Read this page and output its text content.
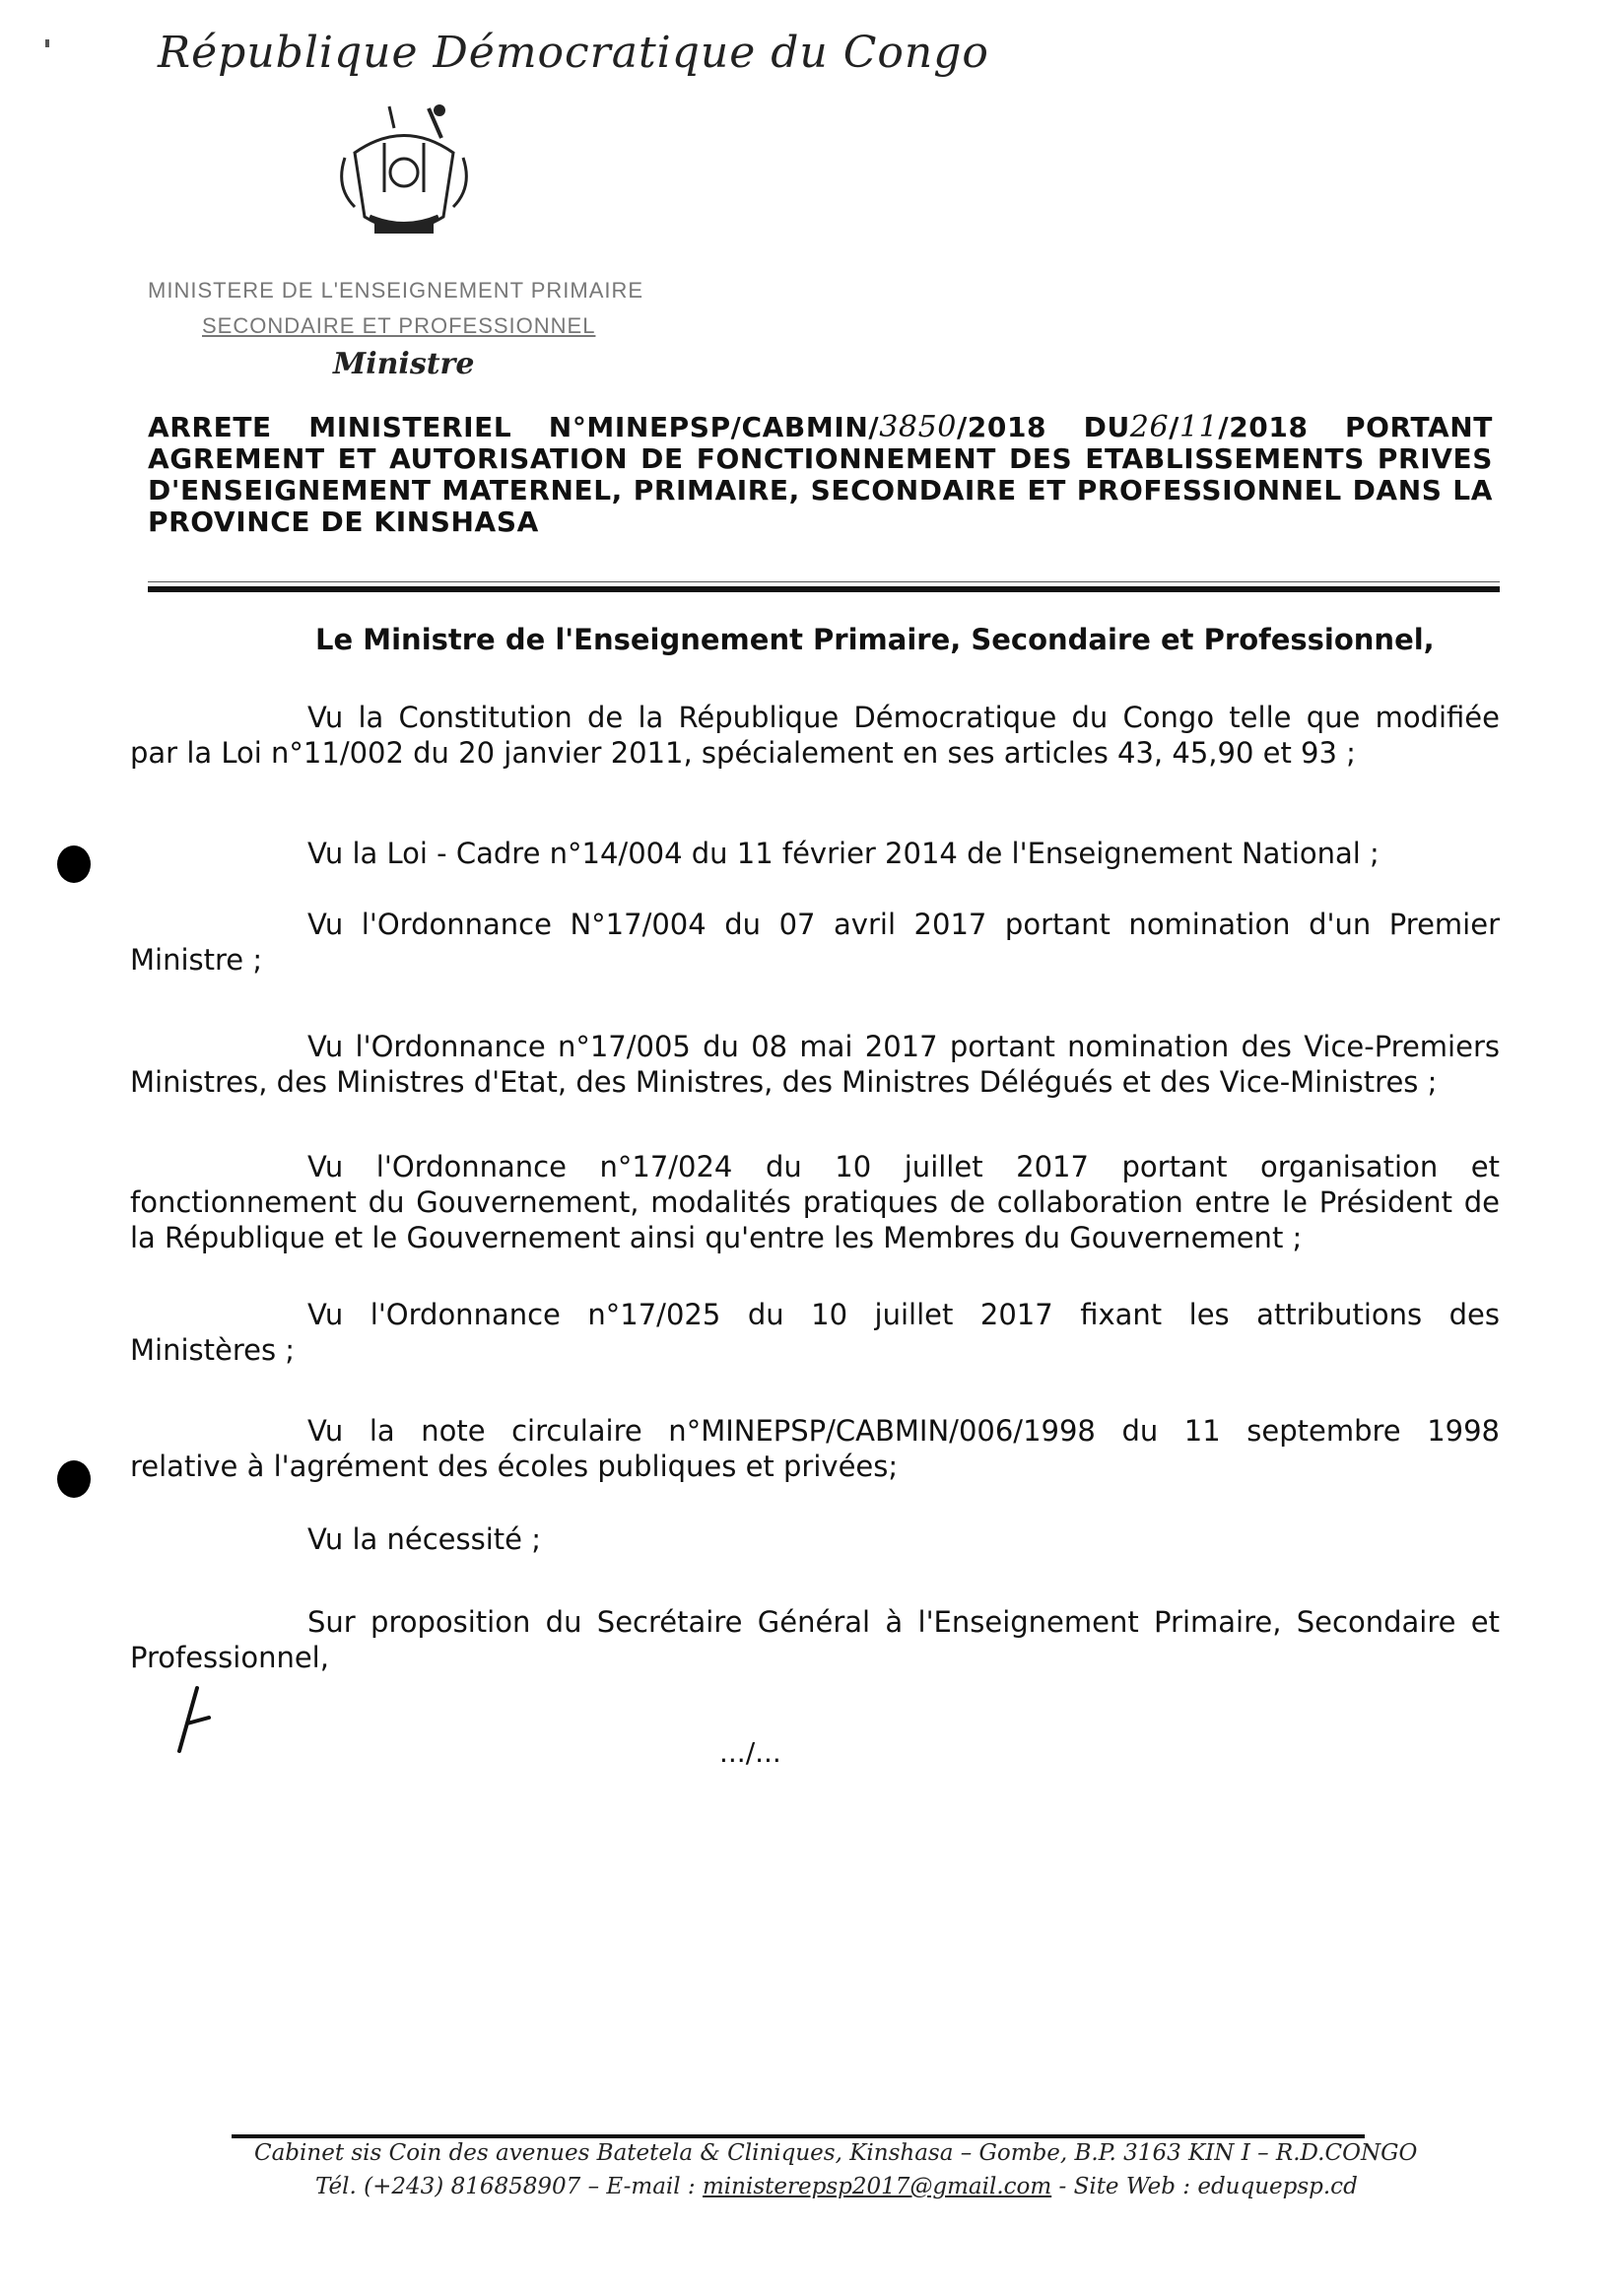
République Démocratique du Congo
MINISTERE DE L'ENSEIGNEMENT PRIMAIRE
SECONDAIRE ET PROFESSIONNEL
Ministre
ARRETE MINISTERIEL N°MINEPSP/CABMIN/3850/2018 DU26/11/2018 PORTANT
AGREMENT ET AUTORISATION DE FONCTIONNEMENT DES ETABLISSEMENTS PRIVES
D'ENSEIGNEMENT MATERNEL, PRIMAIRE, SECONDAIRE ET PROFESSIONNEL DANS LA
PROVINCE DE KINSHASA
Le Ministre de l'Enseignement Primaire, Secondaire et Professionnel,
Vu la Constitution de la République Démocratique du Congo telle que modifiée
par la Loi n°11/002 du 20 janvier 2011, spécialement en ses articles 43, 45,90 et 93 ;
Vu la Loi - Cadre n°14/004 du 11 février 2014 de l'Enseignement National ;
Vu l'Ordonnance N°17/004 du 07 avril 2017 portant nomination d'un Premier
Ministre ;
Vu l'Ordonnance n°17/005 du 08 mai 2017 portant nomination des Vice-Premiers
Ministres, des Ministres d'Etat, des Ministres, des Ministres Délégués et des Vice-Ministres ;
Vu l'Ordonnance n°17/024 du 10 juillet 2017 portant organisation et
fonctionnement du Gouvernement, modalités pratiques de collaboration entre le Président de la République et le Gouvernement ainsi qu'entre les Membres du Gouvernement ;
Vu l'Ordonnance n°17/025 du 10 juillet 2017 fixant les attributions des
Ministères ;
Vu la note circulaire n°MINEPSP/CABMIN/006/1998 du 11 septembre 1998
relative à l'agrément des écoles publiques et privées;
Vu la nécessité ;
Sur proposition du Secrétaire Général à l'Enseignement Primaire, Secondaire et
Professionnel,
.../...
Cabinet sis Coin des avenues Batetela & Cliniques, Kinshasa – Gombe, B.P. 3163 KIN I – R.D.CONGO
Tél. (+243) 816858907 – E-mail : ministerepsp2017@gmail.com - Site Web : eduquepsp.cd
